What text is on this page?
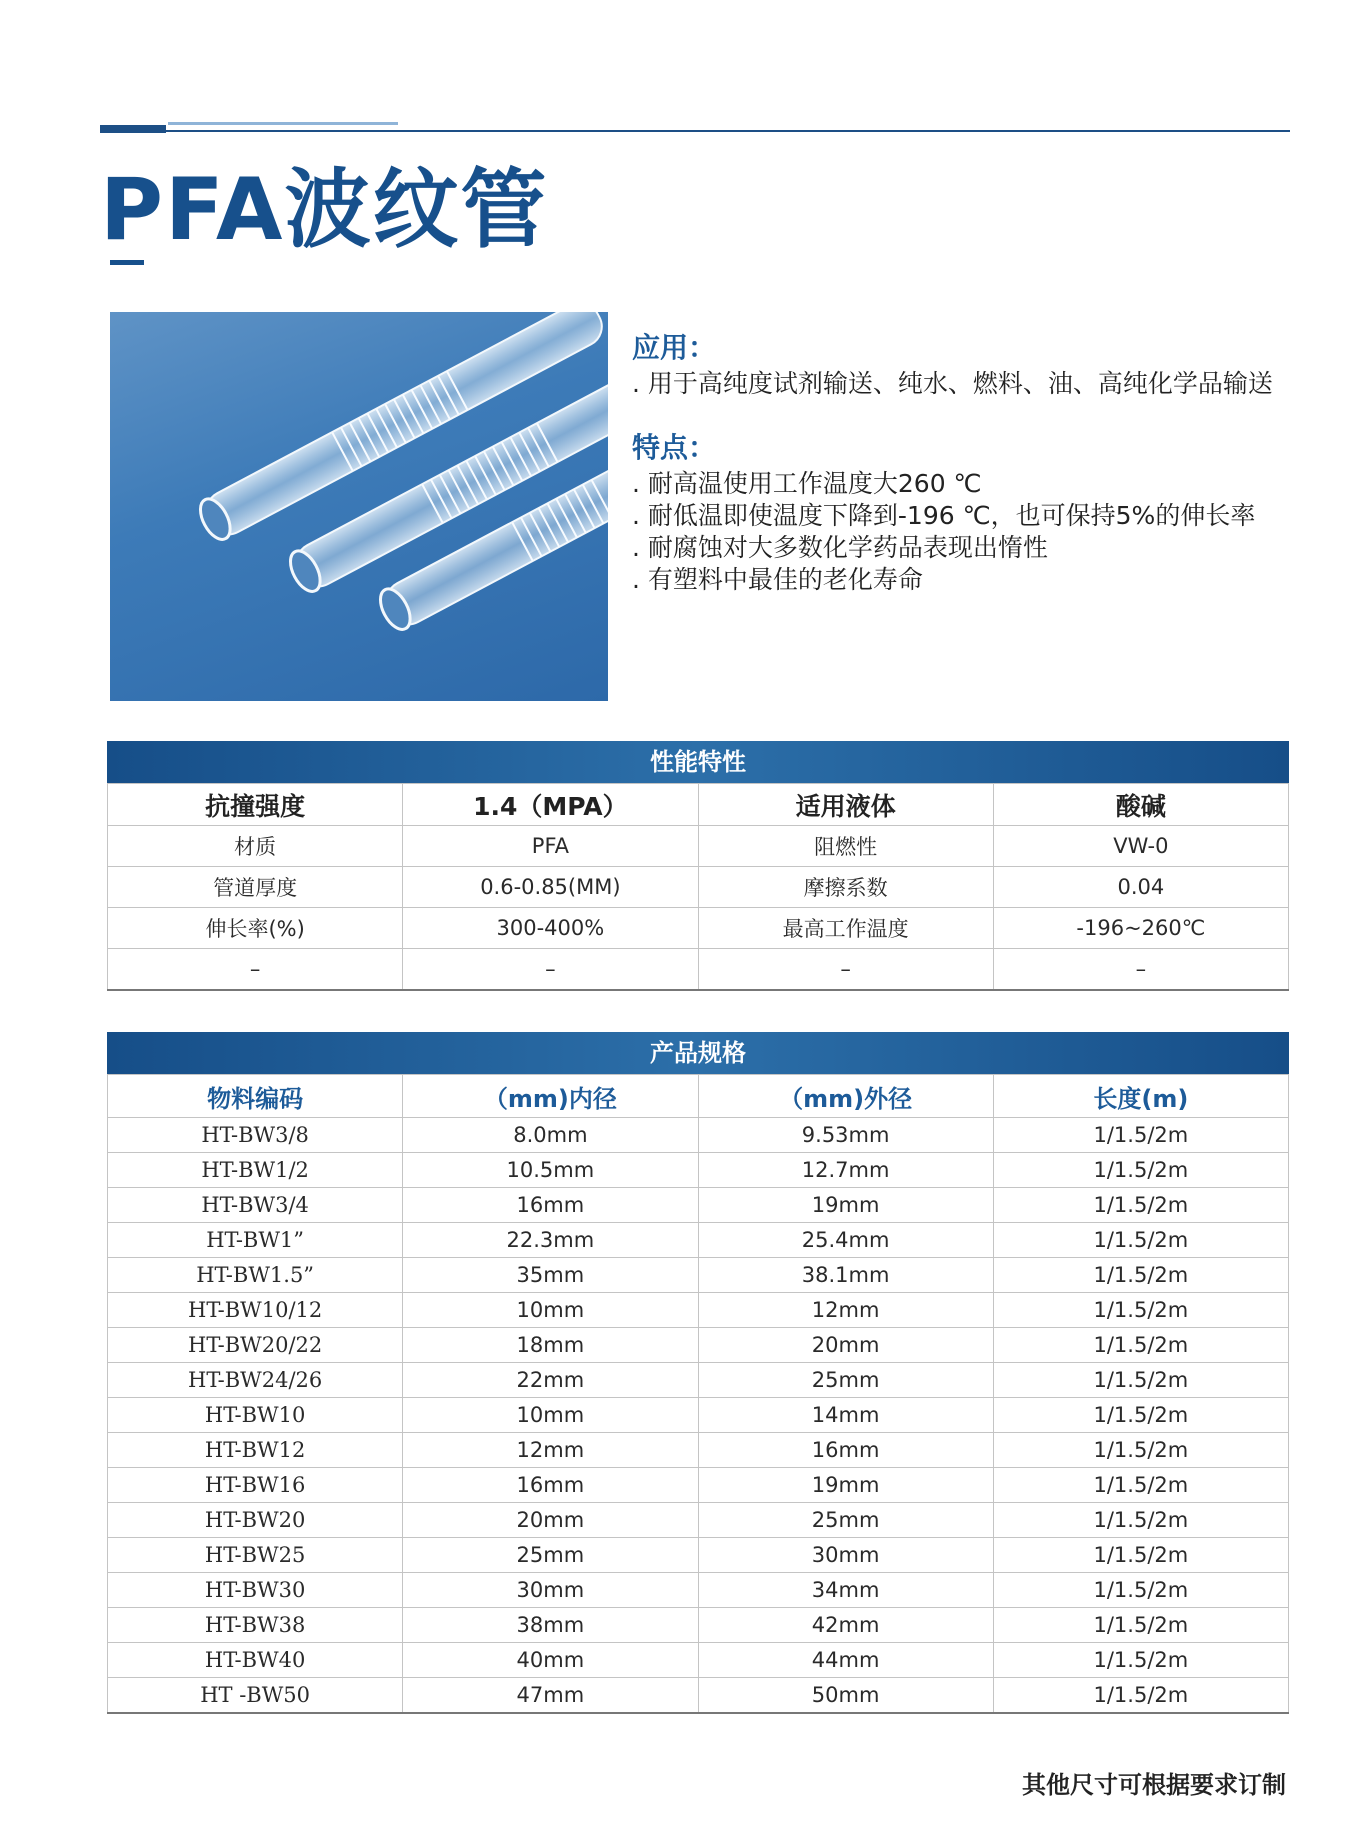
PFA波纹管
应用：
. 用于高纯度试剂输送、纯水、燃料、油、高纯化学品输送
特点：
. 耐高温使用工作温度大260 ℃
. 耐低温即使温度下降到-196 ℃，也可保持5%的伸长率
. 耐腐蚀对大多数化学药品表现出惰性
. 有塑料中最佳的老化寿命
性能特性
抗撞强度	1.4（MPA）	适用液体	酸碱
材质	PFA	阻燃性	VW-0
管道厚度	0.6-0.85(MM)	摩擦系数	0.04
伸长率(%)	300-400%	最高工作温度	-196~260℃
–	–	–	–
产品规格
物料编码	（mm)内径	（mm)外径	长度(m)
HT-BW3/8	8.0mm	9.53mm	1/1.5/2m
HT-BW1/2	10.5mm	12.7mm	1/1.5/2m
HT-BW3/4	16mm	19mm	1/1.5/2m
HT-BW1”	22.3mm	25.4mm	1/1.5/2m
HT-BW1.5”	35mm	38.1mm	1/1.5/2m
HT-BW10/12	10mm	12mm	1/1.5/2m
HT-BW20/22	18mm	20mm	1/1.5/2m
HT-BW24/26	22mm	25mm	1/1.5/2m
HT-BW10	10mm	14mm	1/1.5/2m
HT-BW12	12mm	16mm	1/1.5/2m
HT-BW16	16mm	19mm	1/1.5/2m
HT-BW20	20mm	25mm	1/1.5/2m
HT-BW25	25mm	30mm	1/1.5/2m
HT-BW30	30mm	34mm	1/1.5/2m
HT-BW38	38mm	42mm	1/1.5/2m
HT-BW40	40mm	44mm	1/1.5/2m
HT -BW50	47mm	50mm	1/1.5/2m
其他尺寸可根据要求订制
